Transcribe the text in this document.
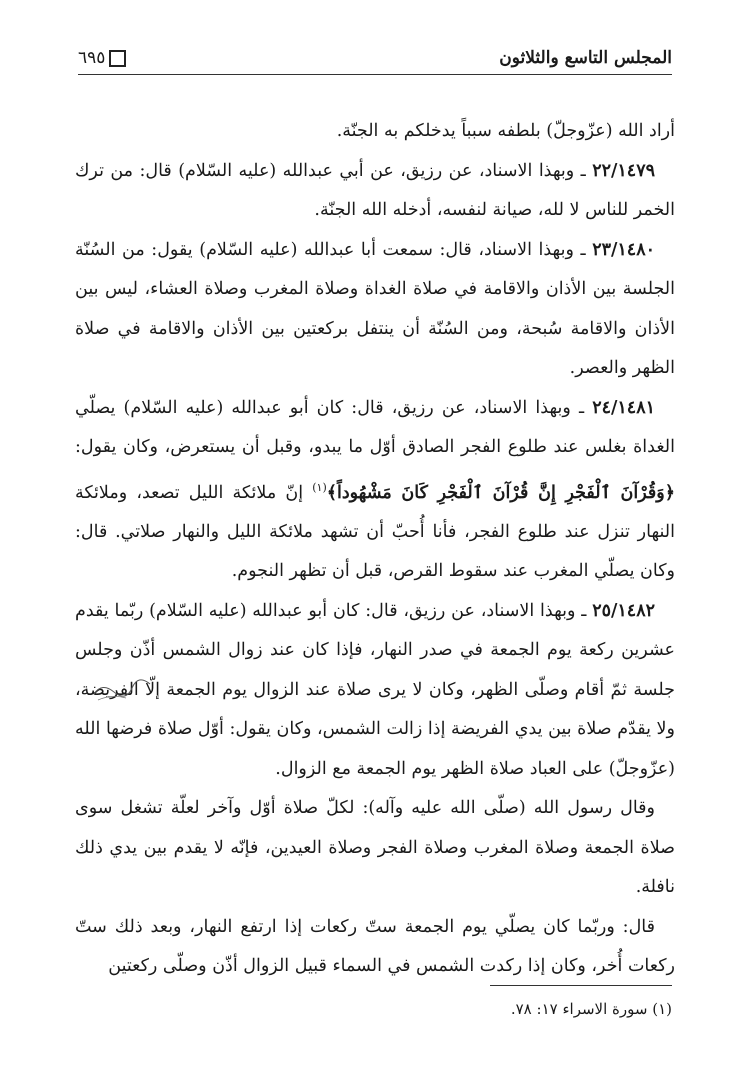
المجلس التاسع والثلاثون
٦٩٥

أراد الله (عزّوجلّ) بلطفه سبباً يدخلكم به الجنّة.

٢٢/١٤٧٩ ـ وبهذا الاسناد، عن رزيق، عن أبي عبدالله (عليه السّلام) قال: من ترك الخمر للناس لا لله، صيانة لنفسه، أدخله الله الجنّة.

٢٣/١٤٨٠ ـ وبهذا الاسناد، قال: سمعت أبا عبدالله (عليه السّلام) يقول: من السُنّة الجلسة بين الأذان والاقامة في صلاة الغداة وصلاة المغرب وصلاة العشاء، ليس بين الأذان والاقامة سُبحة، ومن السُنّة أن ينتفل بركعتين بين الأذان والاقامة في صلاة الظهر والعصر.

٢٤/١٤٨١ ـ وبهذا الاسناد، عن رزيق، قال: كان أبو عبدالله (عليه السّلام) يصلّي الغداة بغلس عند طلوع الفجر الصادق أوّل ما يبدو، وقبل أن يستعرض، وكان يقول: ﴿وَقُرْآنَ ٱلْفَجْرِ إِنَّ قُرْآنَ ٱلْفَجْرِ كَانَ مَشْهُوداً﴾$^{(١)}$ إنّ ملائكة الليل تصعد، وملائكة النهار تنزل عند طلوع الفجر، فأنا أُحبّ أن تشهد ملائكة الليل والنهار صلاتي. قال: وكان يصلّي المغرب عند سقوط القرص، قبل أن تظهر النجوم.

٢٥/١٤٨٢ ـ وبهذا الاسناد، عن رزيق، قال: كان أبو عبدالله (عليه السّلام) ربّما يقدم عشرين ركعة يوم الجمعة في صدر النهار، فإذا كان عند زوال الشمس أذّن وجلس جلسة ثمّ أقام وصلّى الظهر، وكان لا يرى صلاة عند الزوال يوم الجمعة إلّا الفريضة، ولا يقدّم صلاة بين يدي الفريضة إذا زالت الشمس، وكان يقول: أوّل صلاة فرضها الله (عزّوجلّ) على العباد صلاة الظهر يوم الجمعة مع الزوال.

وقال رسول الله (صلّى الله عليه وآله): لكلّ صلاة أوّل وآخر لعلّة تشغل سوى صلاة الجمعة وصلاة المغرب وصلاة الفجر وصلاة العيدين، فإنّه لا يقدم بين يدي ذلك نافلة.

قال: وربّما كان يصلّي يوم الجمعة ستّ ركعات إذا ارتفع النهار، وبعد ذلك ستّ ركعات أُخر، وكان إذا ركدت الشمس في السماء قبيل الزوال أذّن وصلّى ركعتين

(١) سورة الاسراء ١٧: ٧٨.
